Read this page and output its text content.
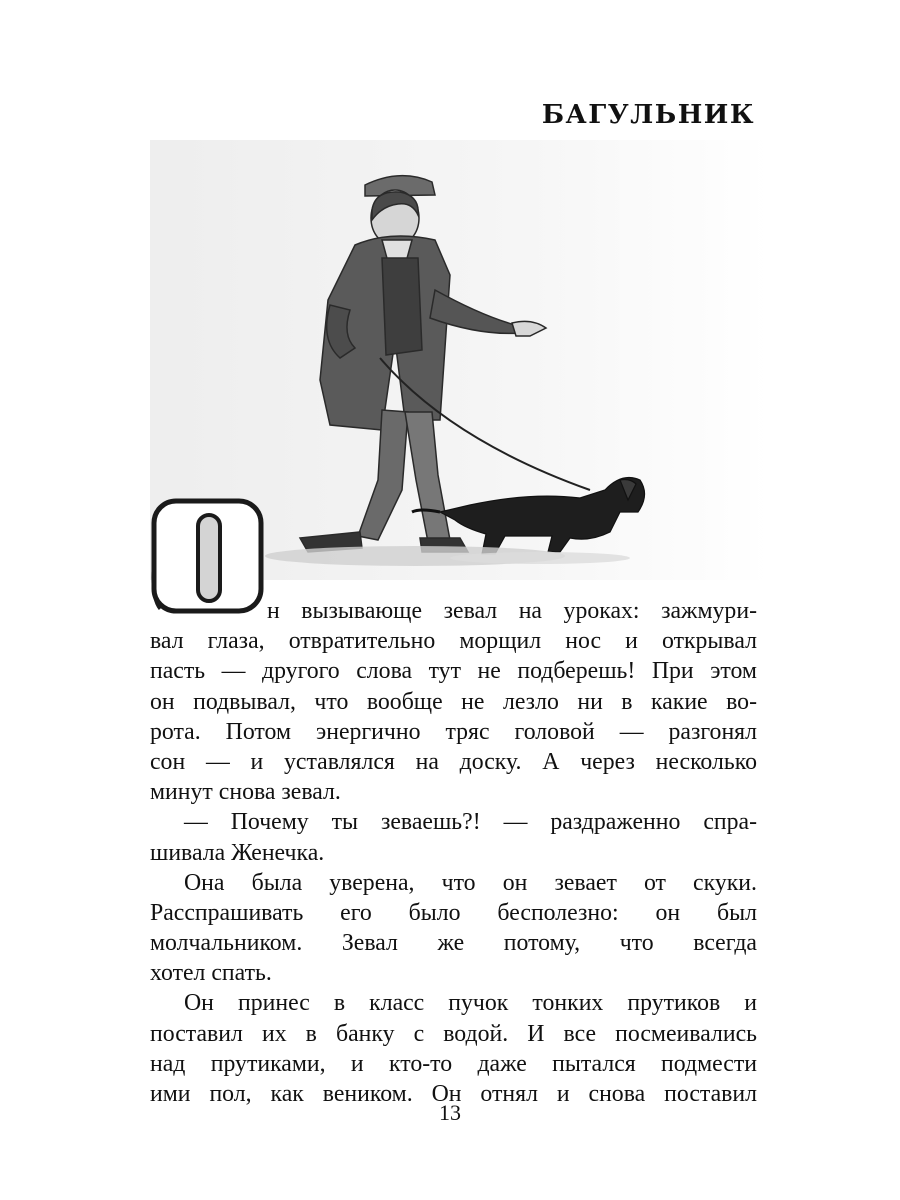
БАГУЛЬНИК
н вызывающе зевал на уроках: зажмури-
вал глаза, отвратительно морщил нос и открывал
пасть — другого слова тут не подберешь! При этом
он подвывал, что вообще не лезло ни в какие во-
рота. Потом энергично тряс головой — разгонял
сон — и уставлялся на доску. А через несколько
минут снова зевал.
— Почему ты зеваешь?! — раздраженно спра-
шивала Женечка.
Она была уверена, что он зевает от скуки.
Расспрашивать его было бесполезно: он был
молчальником. Зевал же потому, что всегда
хотел спать.
Он принес в класс пучок тонких прутиков и
поставил их в банку с водой. И все посмеивались
над прутиками, и кто-то даже пытался подмести
ими пол, как веником. Он отнял и снова поставил
13
